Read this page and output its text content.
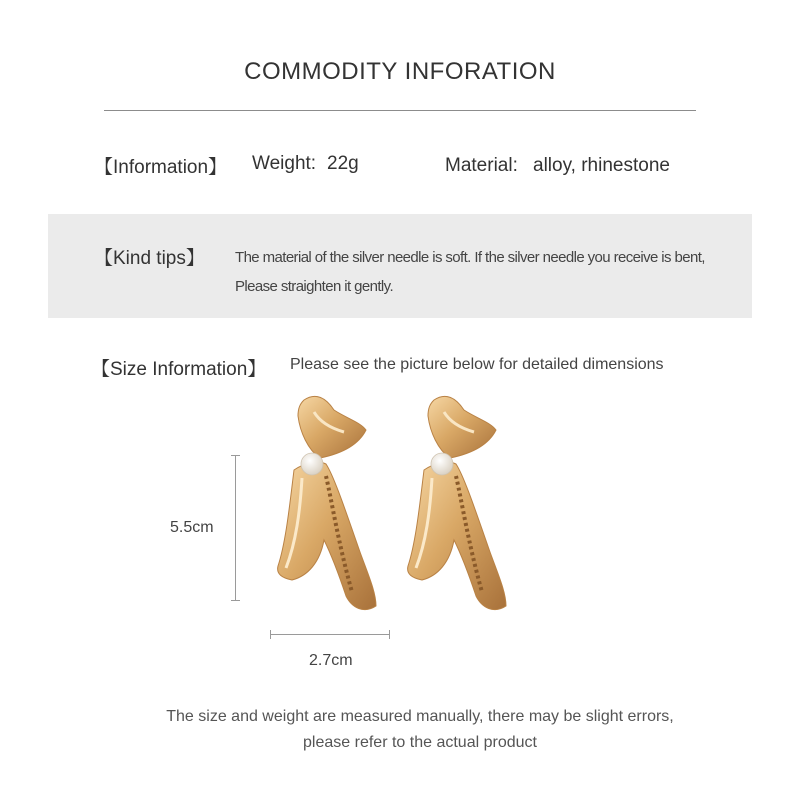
COMMODITY INFORATION
【Information】 Weight: 22g	Material: alloy, rhinestone
【Kind tips】 The material of the silver needle is soft. If the silver needle you receive is bent,
Please straighten it gently.
【Size Information】 Please see the picture below for detailed dimensions
5.5cm
2.7cm
The size and weight are measured manually, there may be slight errors,
please refer to the actual product
